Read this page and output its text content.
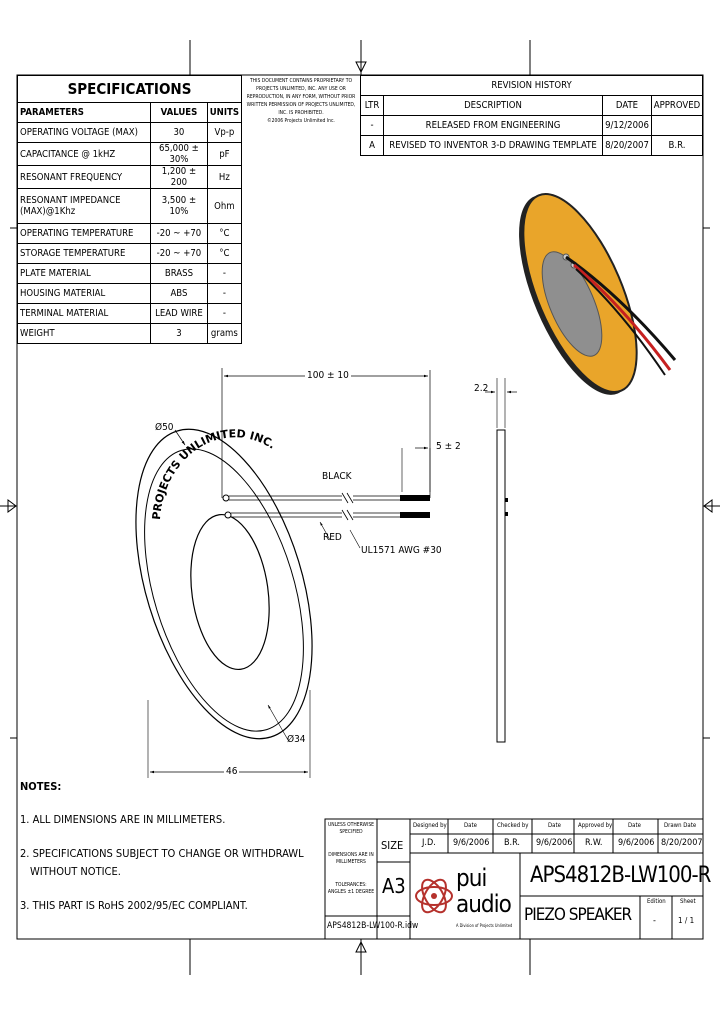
SPECIFICATIONS		
PARAMETERS	VALUES	UNITS
OPERATING VOLTAGE (MAX)	30	Vp-p
CAPACITANCE @ 1kHZ	65,000 ± 30%	pF
RESONANT FREQUENCY	1,200 ± 200	Hz
RESONANT IMPEDANCE (MAX)@1Khz	3,500 ± 10%	Ohm
OPERATING TEMPERATURE	-20 ~ +70	°C
STORAGE TEMPERATURE	-20 ~ +70	°C
PLATE MATERIAL	BRASS	-
HOUSING MATERIAL	ABS	-
TERMINAL MATERIAL	LEAD WIRE	-
WEIGHT	3	grams
THIS DOCUMENT CONTAINS PROPRIETARY TO
PROJECTS UNLIMITED, INC. ANY USE OR
REPRODUCTION, IN ANY FORM, WITHOUT PRIOR
WRITTEN PERMISSION OF PROJECTS UNLIMITED,
INC. IS PROHIBITED.
©2006 Projects Unlimited Inc.
REVISION HISTORY			
LTR	DESCRIPTION	DATE	APPROVED
-	RELEASED FROM ENGINEERING	9/12/2006	
A	REVISED TO INVENTOR 3-D DRAWING TEMPLATE	8/20/2007	B.R.
PROJECTS UNLIMITED INC.
100 ± 10
Ø50
2.2
5 ± 2
BLACK
RED
UL1571 AWG #30
Ø34
46
NOTES:
1. ALL DIMENSIONS ARE IN MILLIMETERS.
2. SPECIFICATIONS SUBJECT TO CHANGE OR WITHDRAWL
WITHOUT NOTICE.
3. THIS PART IS RoHS 2002/95/EC COMPLIANT.
UNLESS OTHERWISE SPECIFIED
DIMENSIONS ARE IN MILLIMETERS
TOLERANCES: ANGLES ±1 DEGREE
APS4812B-LW100-R.idw
SIZE
A3
Designed by
J.D.
Date
9/6/2006
Checked by
B.R.
Date
9/6/2006
Approved by
R.W.
Date
9/6/2006
Drawn Date
8/20/2007
pui
audio
A Division of Projects Unlimited
APS4812B-LW100-R
PIEZO SPEAKER
Edition
-
Sheet
1 / 1
